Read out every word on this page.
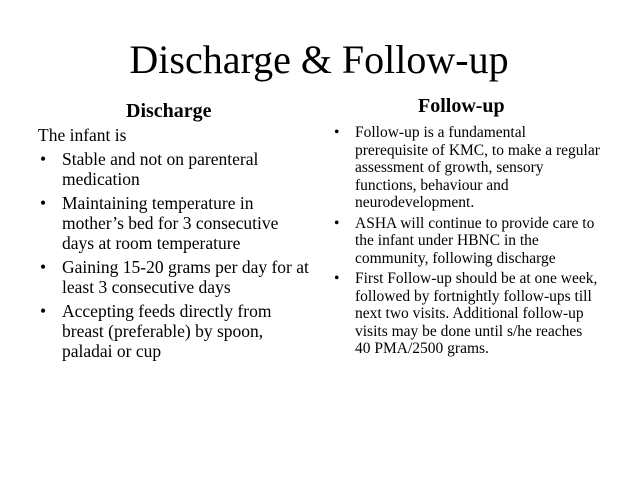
Discharge & Follow-up
Discharge	Follow-up

The infant is

• Stable and not on parenteral medication
• Maintaining temperature in mother’s bed for 3 consecutive days at room temperature
• Gaining 15-20 grams per day for at least 3 consecutive days
• Accepting feeds directly from breast (preferable) by spoon, paladai or cup
• Follow-up is a fundamental prerequisite of KMC, to make a regular assessment of growth, sensory functions, behaviour and neurodevelopment.
• ASHA will continue to provide care to the infant under HBNC in the community, following discharge
• First Follow-up should be at one week, followed by fortnightly follow-ups till next two visits. Additional follow-up visits may be done until s/he reaches 40 PMA/2500 grams.
